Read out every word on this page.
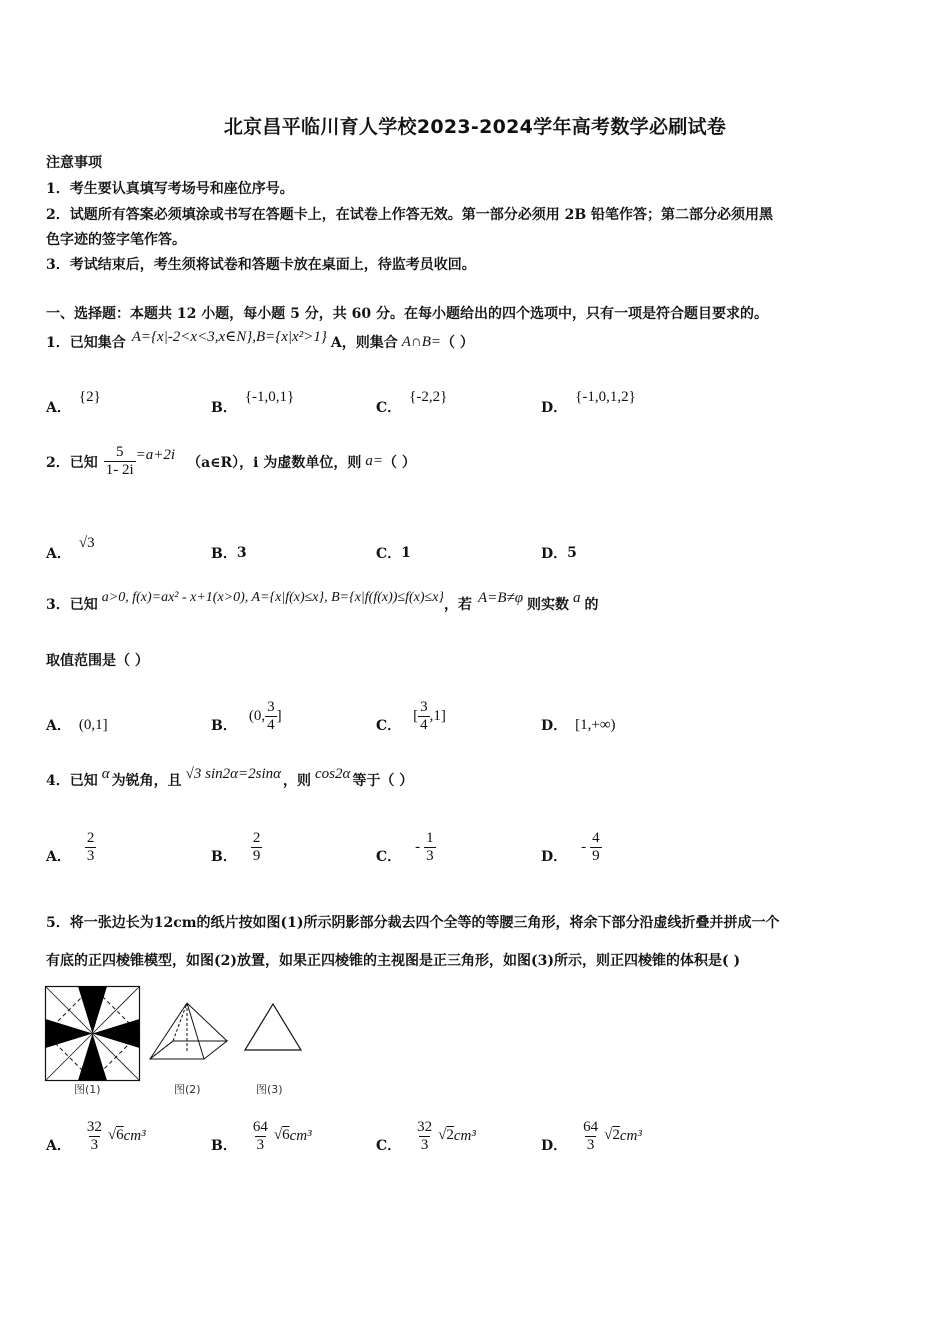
北京昌平临川育人学校2023-2024学年高考数学必刷试卷
注意事项
1．考生要认真填写考场号和座位序号。
2．试题所有答案必须填涂或书写在答题卡上，在试卷上作答无效。第一部分必须用 2B 铅笔作答；第二部分必须用黑
色字迹的签字笔作答。
3．考试结束后，考生须将试卷和答题卡放在桌面上，待监考员收回。
一、选择题：本题共 12 小题，每小题 5 分，共 60 分。在每小题给出的四个选项中，只有一项是符合题目要求的。
1．已知集合 A={x|-2<x<3,x∈N},B={x|x²>1} A，则集合 A∩B= （ ）
A．
{2}
B．
{-1,0,1}
C．
{-2,2}
D．
{-1,0,1,2}
2．已知 $\frac{5}{1- 2i} =a+2i$ （a∈R）， i 为虚数单位，则 a= （ ）
A．
√3
B． 3	C． 1	D． 5
3．已知 a>0, f(x)=ax² - x+1(x>0), A={x|f(x)≤x}, B={x|f(f(x))≤f(x)≤x} ，若 A=B≠φ 则实数 a 的
取值范围是（ ）
A． (0,1]	B．
(0, $\frac{3}{4}$ ]
C．
[ $\frac{3}{4} ,1$]
D． [1,+∞)
4．已知 α 为锐角，且 √3 sin2α=2sinα ，则 cos2α 等于（ ）
A． $\frac{2}{3}$	B． $\frac{2}{9}$	C．
- $\frac{1}{3}$	D．
- $\frac{4}{9}$
5．将一张边长为12cm的纸片按如图(1)所示阴影部分裁去四个全等的等腰三角形，将余下部分沿虚线折叠并拼成一个
有底的正四棱锥模型，如图(2)放置，如果正四棱锥的主视图是正三角形，如图(3)所示，则正四棱锥的体积是( )
图(1)	图(2)	图(3)
A． $\frac{32}{3} √6$ cm³
B． $\frac{64}{3} √6$ cm³
C． $\frac{32}{3} √2$ cm³
D． $\frac{64}{3} √2$ cm³
